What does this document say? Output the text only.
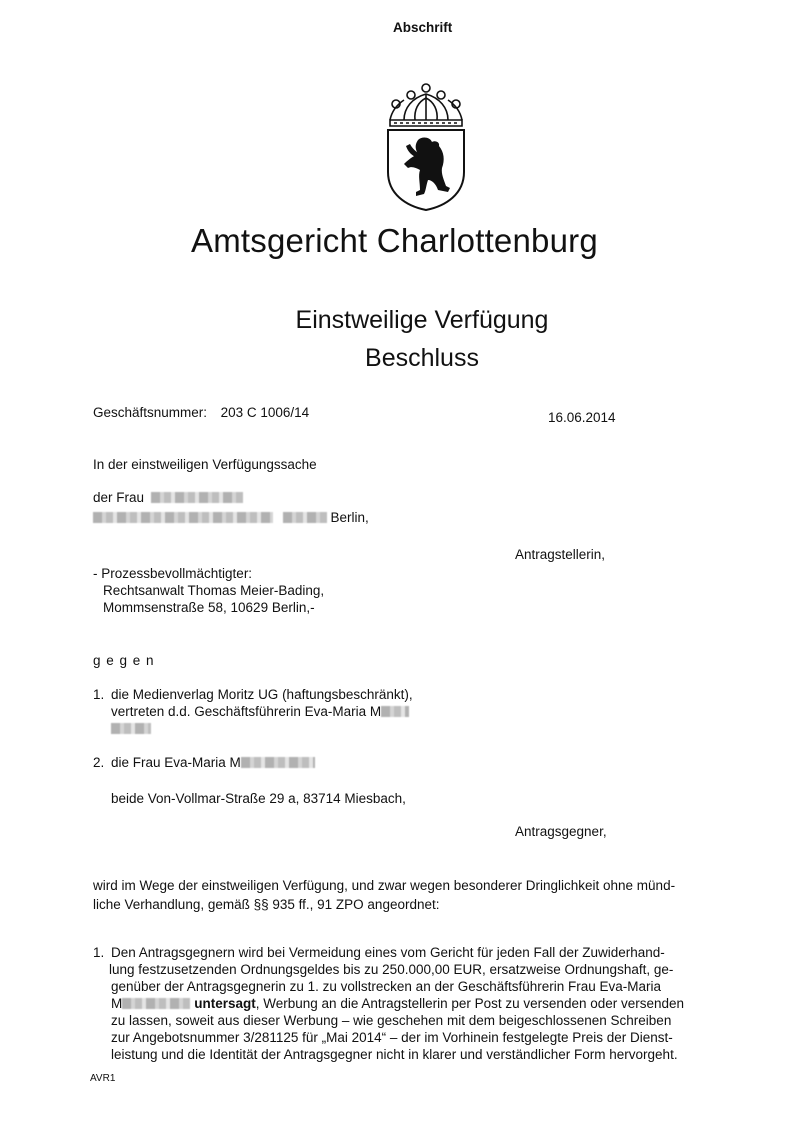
Abschrift
Amtsgericht Charlottenburg
Einstweilige Verfügung
Beschluss
Geschäftsnummer: 203 C 1006/14	16.06.2014
In der einstweiligen Verfügungssache
der Frau
Berlin,
Antragstellerin,
- Prozessbevollmächtigter:
Rechtsanwalt Thomas Meier-Bading,
Mommsenstraße 58, 10629 Berlin,-
g e g e n
1. die Medienverlag Moritz UG (haftungsbeschränkt),
vertreten d.d. Geschäftsführerin Eva-Maria M
2. die Frau Eva-Maria M
beide Von-Vollmar-Straße 29 a, 83714 Miesbach,
Antragsgegner,
wird im Wege der einstweiligen Verfügung, und zwar wegen besonderer Dringlichkeit ohne münd-
liche Verhandlung, gemäß §§ 935 ff., 91 ZPO angeordnet:
1. Den Antragsgegnern wird bei Vermeidung eines vom Gericht für jeden Fall der Zuwiderhand-
lung festzusetzenden Ordnungsgeldes bis zu 250.000,00 EUR, ersatzweise Ordnungshaft, ge-
genüber der Antragsgegnerin zu 1. zu vollstrecken an der Geschäftsführerin Frau Eva-Maria
M	untersagt, Werbung an die Antragstellerin per Post zu versenden oder versenden
zu lassen, soweit aus dieser Werbung – wie geschehen mit dem beigeschlossenen Schreiben
zur Angebotsnummer 3/281125 für „Mai 2014“ – der im Vorhinein festgelegte Preis der Dienst-
leistung und die Identität der Antragsgegner nicht in klarer und verständlicher Form hervorgeht.
AVR1
